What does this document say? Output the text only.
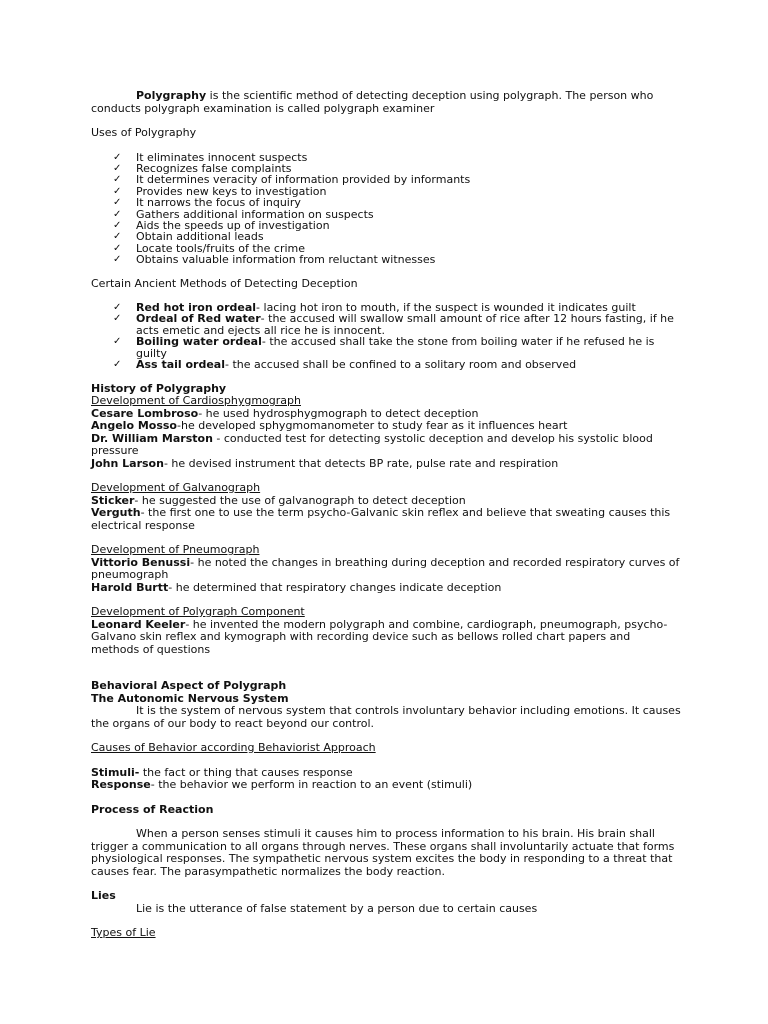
Polygraphy is the scientific method of detecting deception using polygraph. The person who conducts polygraph examination is called polygraph examiner

Uses of Polygraphy

✓ It eliminates innocent suspects
✓ Recognizes false complaints
✓ It determines veracity of information provided by informants
✓ Provides new keys to investigation
✓ It narrows the focus of inquiry
✓ Gathers additional information on suspects
✓ Aids the speeds up of investigation
✓ Obtain additional leads
✓ Locate tools/fruits of the crime
✓ Obtains valuable information from reluctant witnesses

Certain Ancient Methods of Detecting Deception

✓ Red hot iron ordeal- lacing hot iron to mouth, if the suspect is wounded it indicates guilt
✓ Ordeal of Red water- the accused will swallow small amount of rice after 12 hours fasting, if he acts emetic and ejects all rice he is innocent.
✓ Boiling water ordeal- the accused shall take the stone from boiling water if he refused he is guilty
✓ Ass tail ordeal- the accused shall be confined to a solitary room and observed

History of Polygraphy

Development of Cardiosphygmograph

Cesare Lombroso- he used hydrosphygmograph to detect deception

Angelo Mosso-he developed sphygmomanometer to study fear as it influences heart

Dr. William Marston - conducted test for detecting systolic deception and develop his systolic blood pressure

John Larson- he devised instrument that detects BP rate, pulse rate and respiration

Development of Galvanograph

Sticker- he suggested the use of galvanograph to detect deception

Verguth- the first one to use the term psycho-Galvanic skin reflex and believe that sweating causes this electrical response

Development of Pneumograph

Vittorio Benussi- he noted the changes in breathing during deception and recorded respiratory curves of pneumograph

Harold Burtt- he determined that respiratory changes indicate deception

Development of Polygraph Component

Leonard Keeler- he invented the modern polygraph and combine, cardiograph, pneumograph, psycho-Galvano skin reflex and kymograph with recording device such as bellows rolled chart papers and methods of questions

Behavioral Aspect of Polygraph

The Autonomic Nervous System

It is the system of nervous system that controls involuntary behavior including emotions. It causes the organs of our body to react beyond our control.

Causes of Behavior according Behaviorist Approach

Stimuli- the fact or thing that causes response

Response- the behavior we perform in reaction to an event (stimuli)

Process of Reaction

When a person senses stimuli it causes him to process information to his brain. His brain shall trigger a communication to all organs through nerves. These organs shall involuntarily actuate that forms physiological responses. The sympathetic nervous system excites the body in responding to a threat that causes fear. The parasympathetic normalizes the body reaction.

Lies

Lie is the utterance of false statement by a person due to certain causes

Types of Lie
